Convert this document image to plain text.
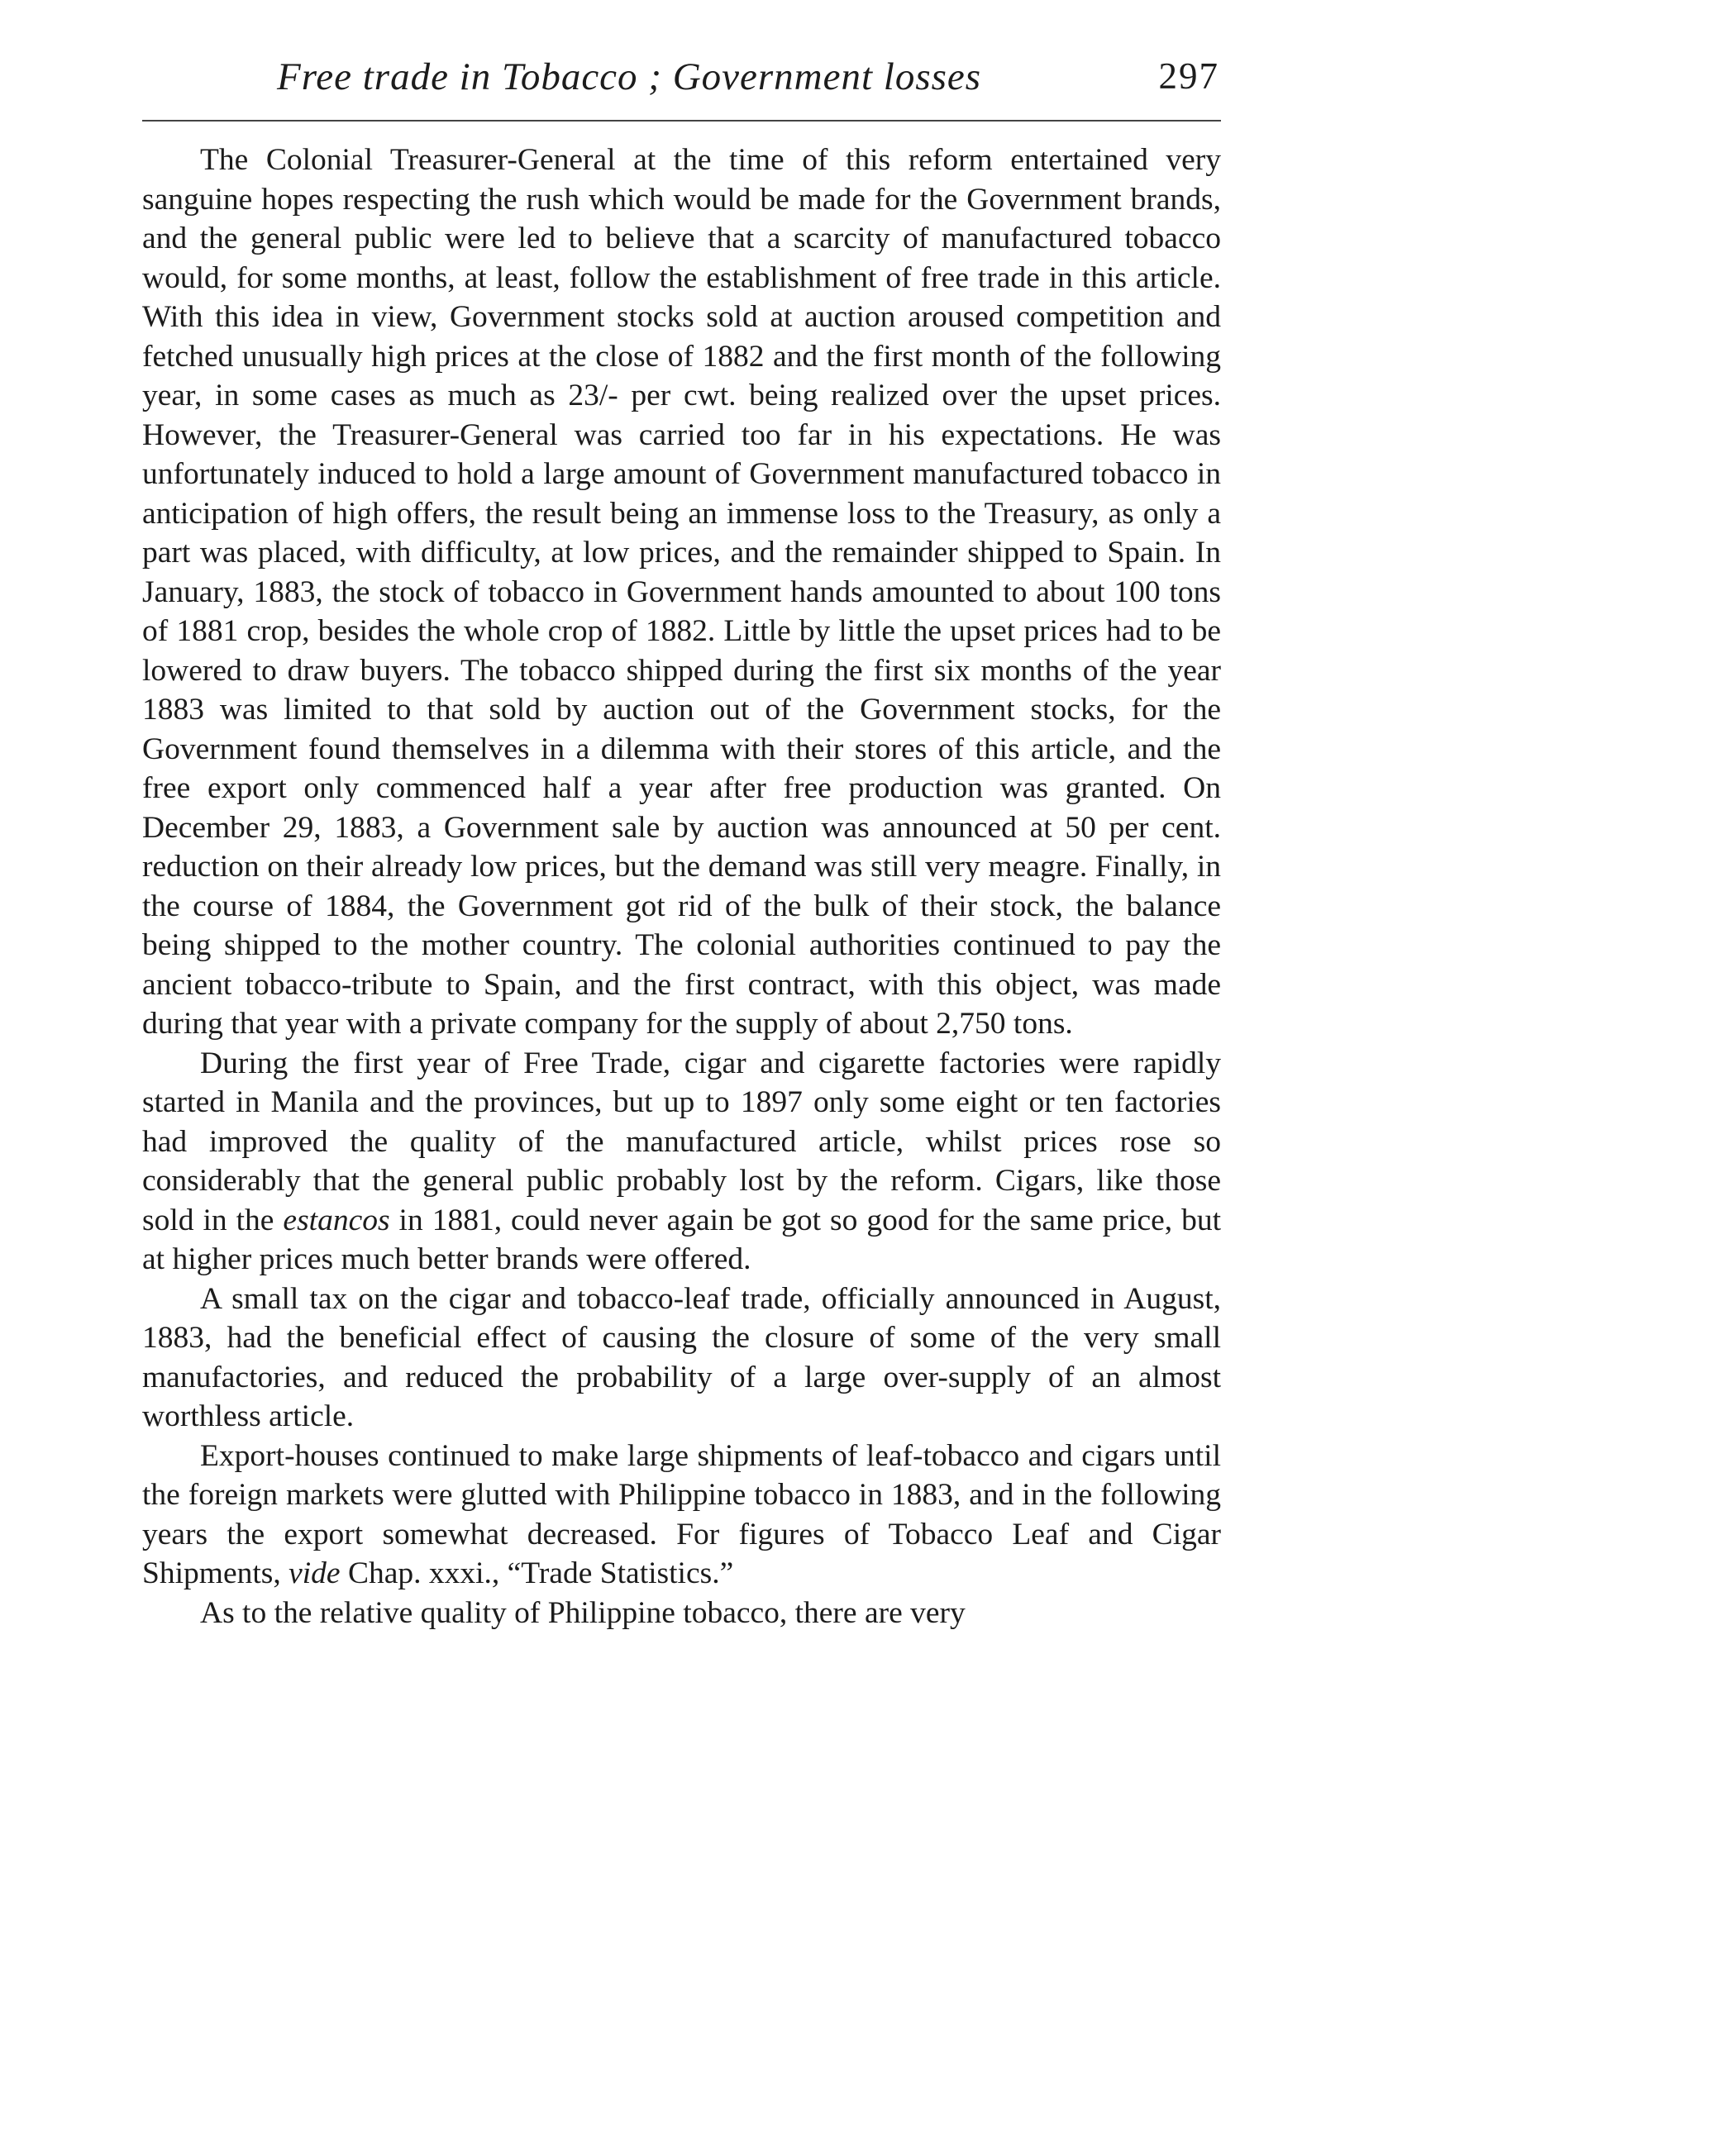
Free trade in Tobacco ; Government losses	297

The Colonial Treasurer-General at the time of this reform entertained very sanguine hopes respecting the rush which would be made for the Government brands, and the general public were led to believe that a scarcity of manufactured tobacco would, for some months, at least, follow the establishment of free trade in this article. With this idea in view, Government stocks sold at auction aroused competition and fetched unusually high prices at the close of 1882 and the first month of the following year, in some cases as much as 23/- per cwt. being realized over the upset prices. However, the Treasurer-General was carried too far in his expectations. He was unfortunately induced to hold a large amount of Government manufactured tobacco in anticipation of high offers, the result being an immense loss to the Treasury, as only a part was placed, with difficulty, at low prices, and the remainder shipped to Spain. In January, 1883, the stock of tobacco in Government hands amounted to about 100 tons of 1881 crop, besides the whole crop of 1882. Little by little the upset prices had to be lowered to draw buyers. The tobacco shipped during the first six months of the year 1883 was limited to that sold by auction out of the Government stocks, for the Government found themselves in a dilemma with their stores of this article, and the free export only commenced half a year after free production was granted. On December 29, 1883, a Government sale by auction was announced at 50 per cent. reduction on their already low prices, but the demand was still very meagre. Finally, in the course of 1884, the Government got rid of the bulk of their stock, the balance being shipped to the mother country. The colonial authorities continued to pay the ancient tobacco-tribute to Spain, and the first contract, with this object, was made during that year with a private company for the supply of about 2,750 tons.

During the first year of Free Trade, cigar and cigarette factories were rapidly started in Manila and the provinces, but up to 1897 only some eight or ten factories had improved the quality of the manufactured article, whilst prices rose so considerably that the general public probably lost by the reform. Cigars, like those sold in the estancos in 1881, could never again be got so good for the same price, but at higher prices much better brands were offered.

A small tax on the cigar and tobacco-leaf trade, officially announced in August, 1883, had the beneficial effect of causing the closure of some of the very small manufactories, and reduced the probability of a large over-supply of an almost worthless article.

Export-houses continued to make large shipments of leaf-tobacco and cigars until the foreign markets were glutted with Philippine tobacco in 1883, and in the following years the export somewhat decreased. For figures of Tobacco Leaf and Cigar Shipments, vide Chap. xxxi., “Trade Statistics.”

As to the relative quality of Philippine tobacco, there are very
